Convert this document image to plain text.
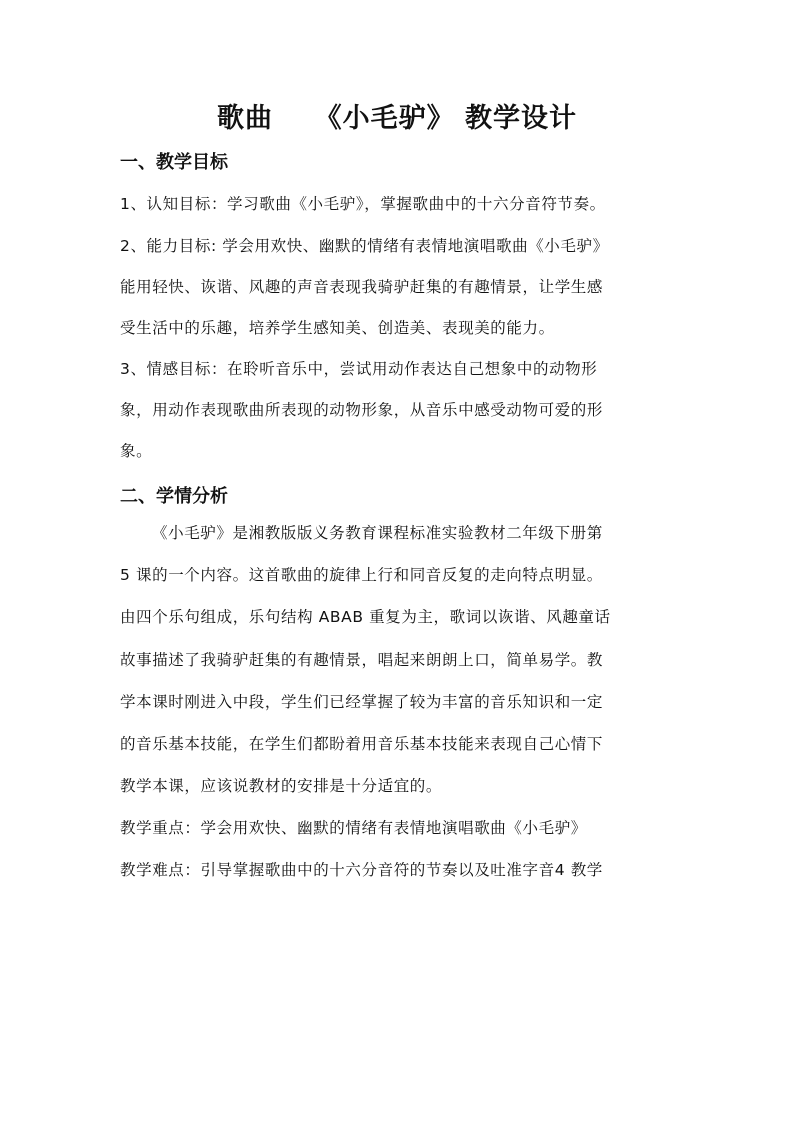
歌曲    《小毛驴》 教学设计
一、教学目标
1、认知目标：学习歌曲《小毛驴》，掌握歌曲中的十六分音符节奏。
2、能力目标: 学会用欢快、幽默的情绪有表情地演唱歌曲《小毛驴》
能用轻快、诙谐、风趣的声音表现我骑驴赶集的有趣情景，让学生感
受生活中的乐趣，培养学生感知美、创造美、表现美的能力。
3、情感目标：在聆听音乐中，尝试用动作表达自己想象中的动物形
象，用动作表现歌曲所表现的动物形象，从音乐中感受动物可爱的形
象。
二、学情分析
《小毛驴》是湘教版版义务教育课程标准实验教材二年级下册第
5 课的一个内容。这首歌曲的旋律上行和同音反复的走向特点明显。
由四个乐句组成，乐句结构 ABAB 重复为主，歌词以诙谐、风趣童话
故事描述了我骑驴赶集的有趣情景，唱起来朗朗上口，简单易学。教
学本课时刚进入中段，学生们已经掌握了较为丰富的音乐知识和一定
的音乐基本技能，在学生们都盼着用音乐基本技能来表现自己心情下
教学本课，应该说教材的安排是十分适宜的。
教学重点：学会用欢快、幽默的情绪有表情地演唱歌曲《小毛驴》
教学难点：引导掌握歌曲中的十六分音符的节奏以及吐准字音4 教学
